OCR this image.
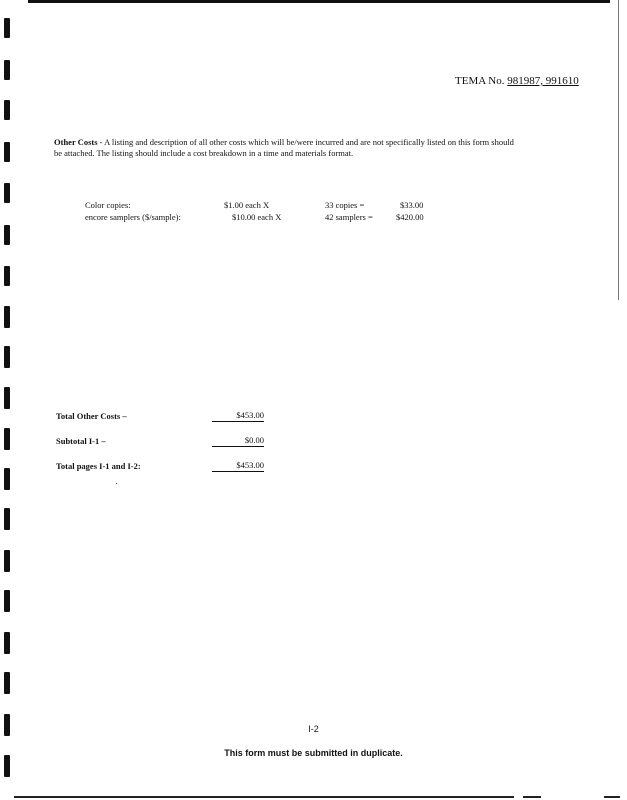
TEMA No. 981987, 991610
Other Costs - A listing and description of all other costs which will be/were incurred and are not specifically listed on this form should be attached. The listing should include a cost breakdown in a time and materials format.
Color copies:	$1.00 each X	33 copies =	$33.00
encore samplers ($/sample):	$10.00 each X	42 samplers =	$420.00
Total Other Costs –	$453.00
Subtotal I-1 –	$0.00
Total pages I-1 and I-2:	$453.00
I-2
This form must be submitted in duplicate.
